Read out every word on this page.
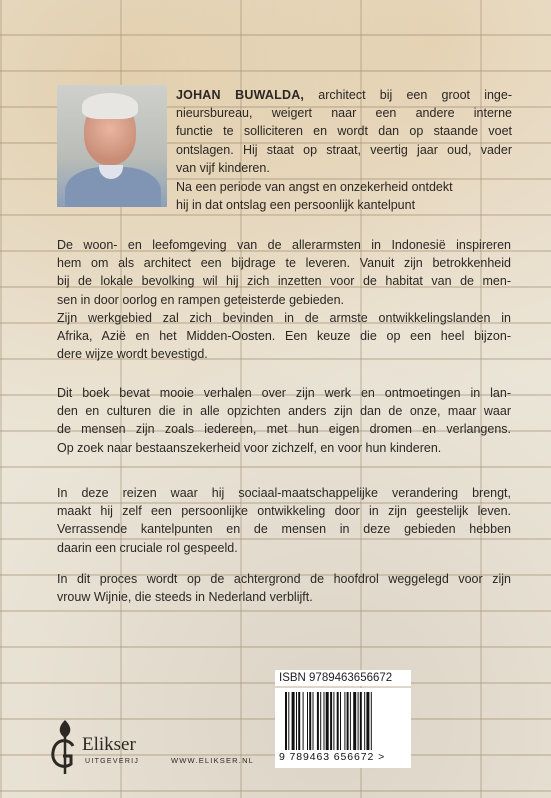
JOHAN BUWALDA, architect bij een groot inge-
nieursbureau, weigert naar een andere interne
functie te solliciteren en wordt dan op staande voet
ontslagen. Hij staat op straat, veertig jaar oud, vader
van vijf kinderen.
Na een periode van angst en onzekerheid ontdekt
hij in dat ontslag een persoonlijk kantelpunt
De woon- en leefomgeving van de allerarmsten in Indonesië inspireren
hem om als architect een bijdrage te leveren. Vanuit zijn betrokkenheid
bij de lokale bevolking wil hij zich inzetten voor de habitat van de men-
sen in door oorlog en rampen geteisterde gebieden.
Zijn werkgebied zal zich bevinden in de armste ontwikkelingslanden in
Afrika, Azië en het Midden-Oosten. Een keuze die op een heel bijzon-
dere wijze wordt bevestigd.
Dit boek bevat mooie verhalen over zijn werk en ontmoetingen in lan-
den en culturen die in alle opzichten anders zijn dan de onze, maar waar
de mensen zijn zoals iedereen, met hun eigen dromen en verlangens.
Op zoek naar bestaanszekerheid voor zichzelf, en voor hun kinderen.
In deze reizen waar hij sociaal-maatschappelijke verandering brengt,
maakt hij zelf een persoonlijke ontwikkeling door in zijn geestelijk leven.
Verrassende kantelpunten en de mensen in deze gebieden hebben
daarin een cruciale rol gespeeld.
In dit proces wordt op de achtergrond de hoofdrol weggelegd voor zijn
vrouw Wijnie, die steeds in Nederland verblijft.
Elikser
UITGEVERIJ	WWW.ELIKSER.NL
ISBN 9789463656672
9 789463 656672 >
